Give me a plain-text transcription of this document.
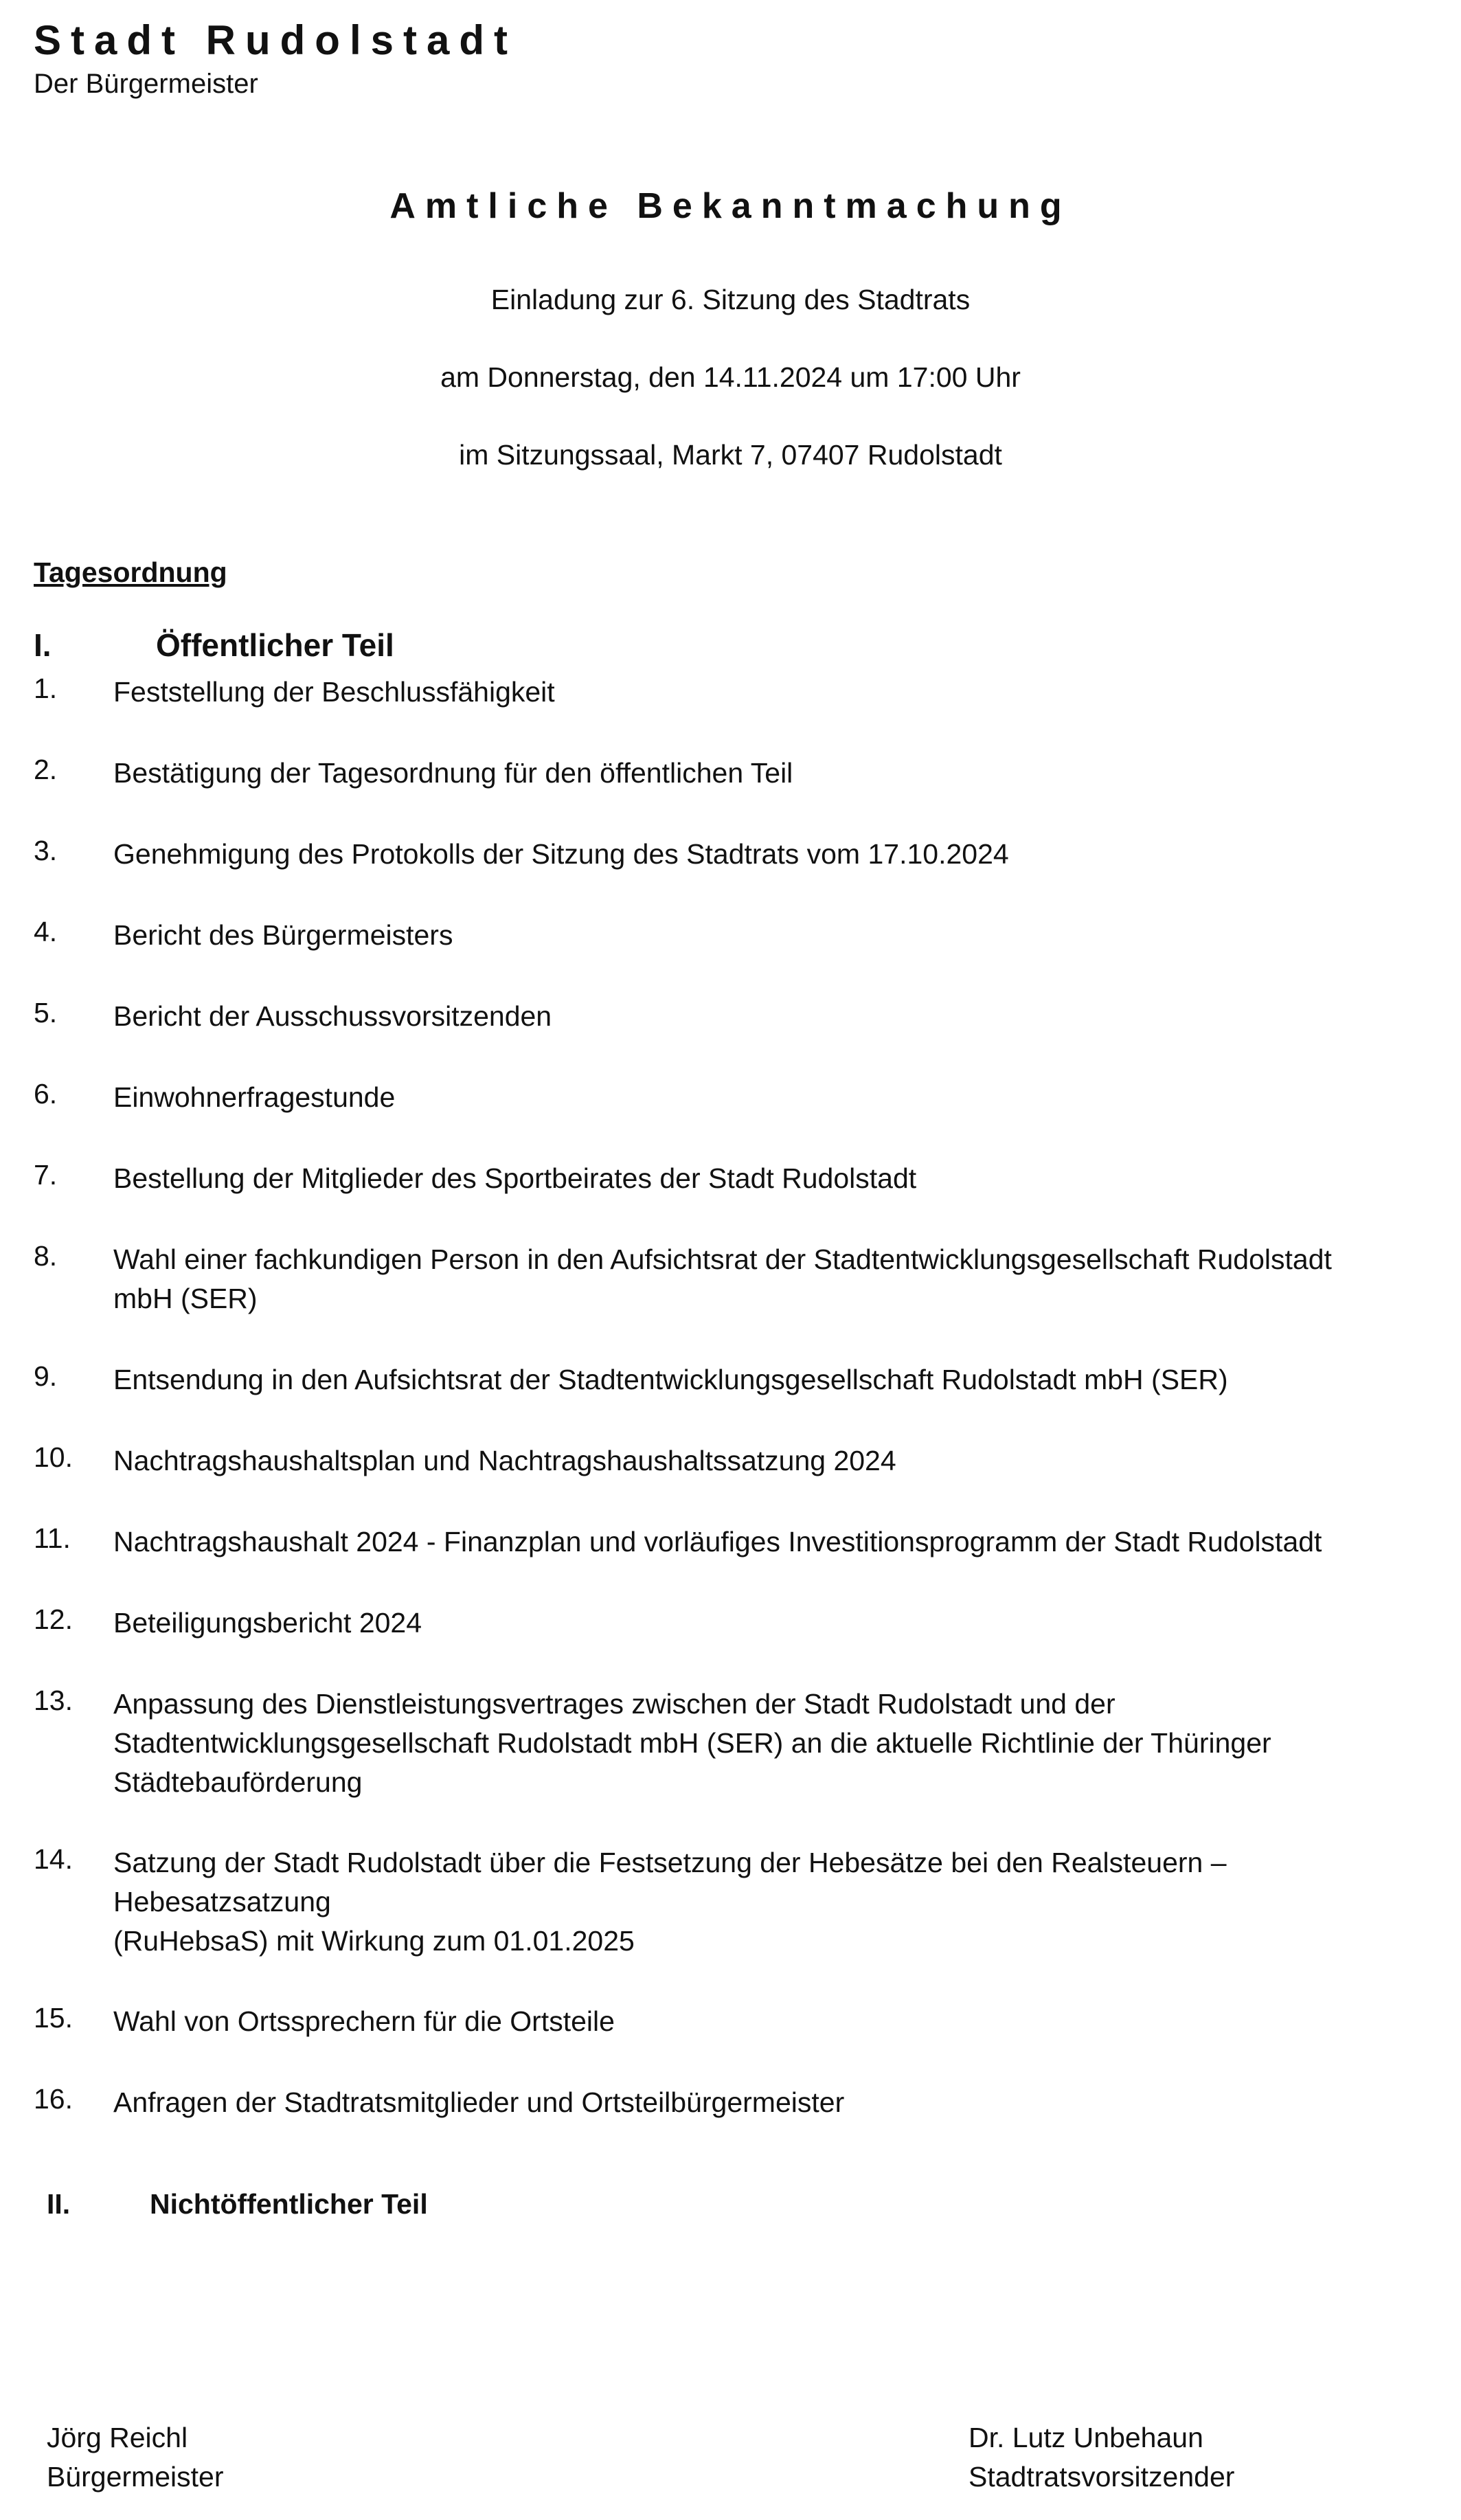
Stadt Rudolstadt
Der Bürgermeister
Amtliche Bekanntmachung
Einladung zur 6. Sitzung des Stadtrats
am Donnerstag, den 14.11.2024 um 17:00 Uhr
im Sitzungssaal, Markt 7, 07407 Rudolstadt
Tagesordnung
I.	Öffentlicher Teil
1. Feststellung der Beschlussfähigkeit
2. Bestätigung der Tagesordnung für den öffentlichen Teil
3. Genehmigung des Protokolls der Sitzung des Stadtrats vom 17.10.2024
4. Bericht des Bürgermeisters
5. Bericht der Ausschussvorsitzenden
6. Einwohnerfragestunde
7. Bestellung der Mitglieder des Sportbeirates der Stadt Rudolstadt
8. Wahl einer fachkundigen Person in den Aufsichtsrat der Stadtentwicklungsgesellschaft Rudolstadt
mbH (SER)
9. Entsendung in den Aufsichtsrat der Stadtentwicklungsgesellschaft Rudolstadt mbH (SER)
10. Nachtragshaushaltsplan und Nachtragshaushaltssatzung 2024
11. Nachtragshaushalt 2024 - Finanzplan und vorläufiges Investitionsprogramm der Stadt Rudolstadt
12. Beteiligungsbericht 2024
13. Anpassung des Dienstleistungsvertrages zwischen der Stadt Rudolstadt und der
Stadtentwicklungsgesellschaft Rudolstadt mbH (SER) an die aktuelle Richtlinie der Thüringer
Städtebauförderung
14. Satzung der Stadt Rudolstadt über die Festsetzung der Hebesätze bei den Realsteuern –
Hebesatzsatzung
(RuHebsaS) mit Wirkung zum 01.01.2025
15. Wahl von Ortssprechern für die Ortsteile
16. Anfragen der Stadtratsmitglieder und Ortsteilbürgermeister
II.	Nichtöffentlicher Teil
Jörg Reichl
Bürgermeister
Dr. Lutz Unbehaun
Stadtratsvorsitzender
